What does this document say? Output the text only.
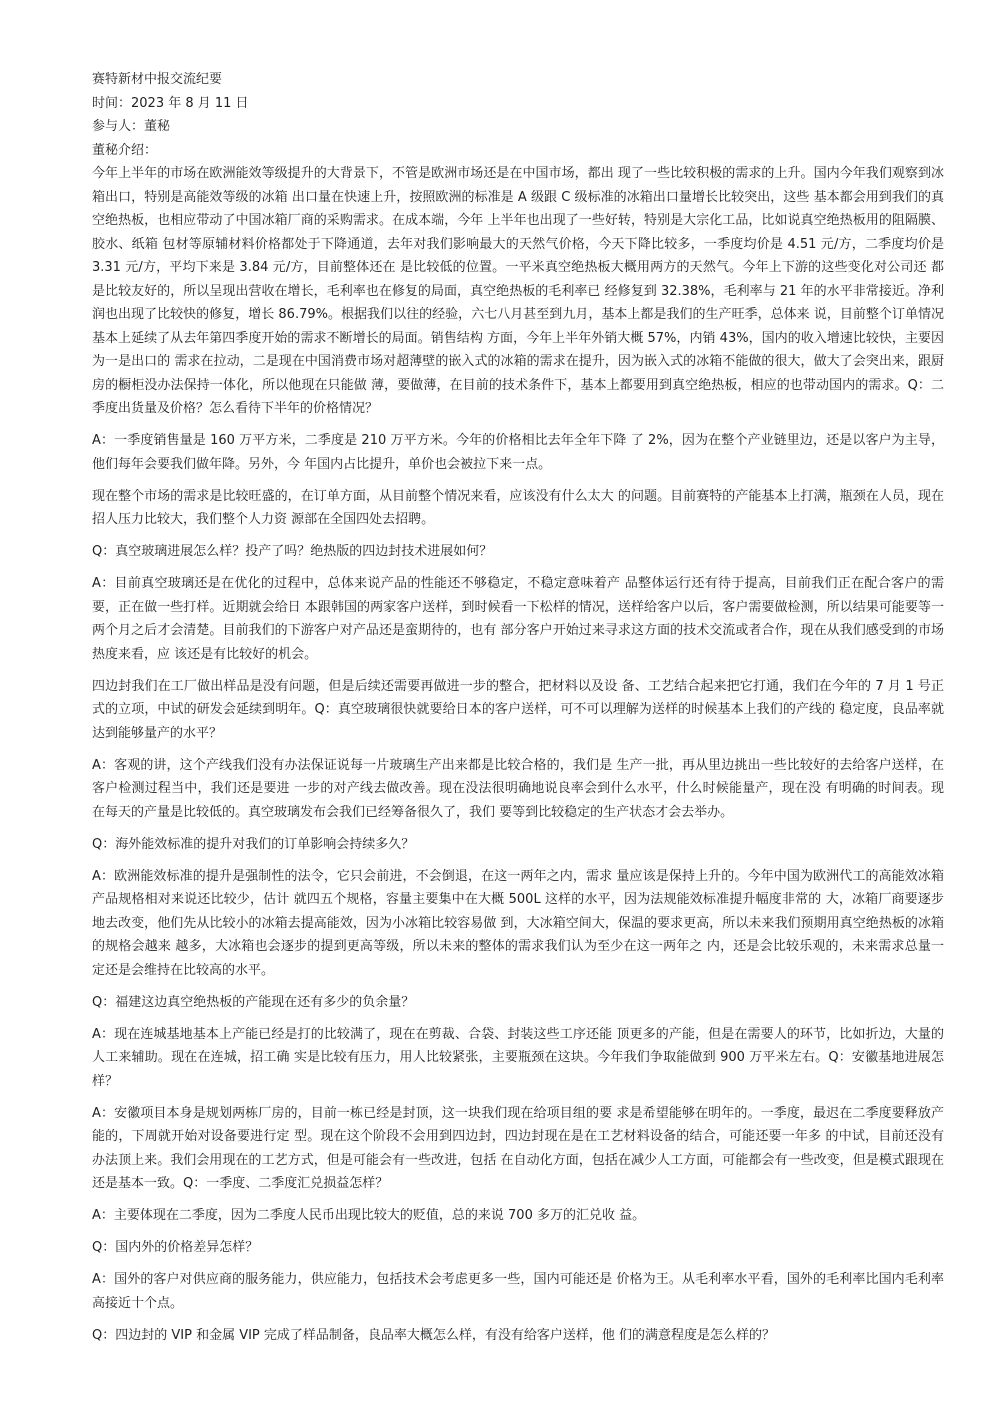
赛特新材中报交流纪要

时间：2023 年 8 月 11 日

参与人：董秘

董秘介绍：

今年上半年的市场在欧洲能效等级提升的大背景下，不管是欧洲市场还是在中国市场，都出 现了一些比较积极的需求的上升。国内今年我们观察到冰箱出口，特别是高能效等级的冰箱 出口量在快速上升，按照欧洲的标准是 A 级跟 C 级标准的冰箱出口量增长比较突出，这些 基本都会用到我们的真空绝热板，也相应带动了中国冰箱厂商的采购需求。在成本端，今年 上半年也出现了一些好转，特别是大宗化工品，比如说真空绝热板用的阻隔膜、胶水、纸箱 包材等原辅材料价格都处于下降通道，去年对我们影响最大的天然气价格，今天下降比较多，一季度均价是 4.51 元/方，二季度均价是 3.31 元/方，平均下来是 3.84 元/方，目前整体还在 是比较低的位置。一平米真空绝热板大概用两方的天然气。今年上下游的这些变化对公司还 都是比较友好的，所以呈现出营收在增长，毛利率也在修复的局面，真空绝热板的毛利率已 经修复到 32.38%，毛利率与 21 年的水平非常接近。净利润也出现了比较快的修复，增长 86.79%。根据我们以往的经验，六七八月甚至到九月，基本上都是我们的生产旺季，总体来 说，目前整个订单情况基本上延续了从去年第四季度开始的需求不断增长的局面。销售结构 方面，今年上半年外销大概 57%，内销 43%，国内的收入增速比较快，主要因为一是出口的 需求在拉动，二是现在中国消费市场对超薄壁的嵌入式的冰箱的需求在提升，因为嵌入式的冰箱不能做的很大，做大了会突出来，跟厨房的橱柜没办法保持一体化，所以他现在只能做 薄，要做薄，在目前的技术条件下，基本上都要用到真空绝热板，相应的也带动国内的需求。Q：二季度出货量及价格？怎么看待下半年的价格情况？

A：一季度销售量是 160 万平方米，二季度是 210 万平方米。今年的价格相比去年全年下降 了 2%，因为在整个产业链里边，还是以客户为主导，他们每年会要我们做年降。另外，今 年国内占比提升，单价也会被拉下来一点。

现在整个市场的需求是比较旺盛的，在订单方面，从目前整个情况来看，应该没有什么太大 的问题。目前赛特的产能基本上打满，瓶颈在人员，现在招人压力比较大，我们整个人力资 源部在全国四处去招聘。

Q：真空玻璃进展怎么样？投产了吗？绝热版的四边封技术进展如何？

A：目前真空玻璃还是在优化的过程中，总体来说产品的性能还不够稳定，不稳定意味着产 品整体运行还有待于提高，目前我们正在配合客户的需要，正在做一些打样。近期就会给日 本跟韩国的两家客户送样，到时候看一下松样的情况，送样给客户以后，客户需要做检测，所以结果可能要等一两个月之后才会清楚。目前我们的下游客户对产品还是蛮期待的，也有 部分客户开始过来寻求这方面的技术交流或者合作，现在从我们感受到的市场热度来看，应 该还是有比较好的机会。

四边封我们在工厂做出样品是没有问题，但是后续还需要再做进一步的整合，把材料以及设 备、工艺结合起来把它打通，我们在今年的 7 月 1 号正式的立项，中试的研发会延续到明年。Q：真空玻璃很快就要给日本的客户送样，可不可以理解为送样的时候基本上我们的产线的 稳定度，良品率就达到能够量产的水平？

A：客观的讲，这个产线我们没有办法保证说每一片玻璃生产出来都是比较合格的，我们是 生产一批，再从里边挑出一些比较好的去给客户送样，在客户检测过程当中，我们还是要进 一步的对产线去做改善。现在没法很明确地说良率会到什么水平，什么时候能量产，现在没 有明确的时间表。现在每天的产量是比较低的。真空玻璃发布会我们已经筹备很久了，我们 要等到比较稳定的生产状态才会去举办。

Q：海外能效标准的提升对我们的订单影响会持续多久？

A：欧洲能效标准的提升是强制性的法令，它只会前进，不会倒退，在这一两年之内，需求 量应该是保持上升的。今年中国为欧洲代工的高能效冰箱产品规格相对来说还比较少，估计 就四五个规格，容量主要集中在大概 500L 这样的水平，因为法规能效标准提升幅度非常的 大，冰箱厂商要逐步地去改变，他们先从比较小的冰箱去提高能效，因为小冰箱比较容易做 到，大冰箱空间大，保温的要求更高，所以未来我们预期用真空绝热板的冰箱的规格会越来 越多，大冰箱也会逐步的提到更高等级，所以未来的整体的需求我们认为至少在这一两年之 内，还是会比较乐观的，未来需求总量一定还是会维持在比较高的水平。

Q：福建这边真空绝热板的产能现在还有多少的负余量？

A：现在连城基地基本上产能已经是打的比较满了，现在在剪裁、合袋、封装这些工序还能 顶更多的产能，但是在需要人的环节，比如折边，大量的人工来辅助。现在在连城，招工确 实是比较有压力，用人比较紧张，主要瓶颈在这块。今年我们争取能做到 900 万平米左右。Q：安徽基地进展怎样？

A：安徽项目本身是规划两栋厂房的，目前一栋已经是封顶，这一块我们现在给项目组的要 求是希望能够在明年的。一季度，最迟在二季度要释放产能的，下周就开始对设备要进行定 型。现在这个阶段不会用到四边封，四边封现在是在工艺材料设备的结合，可能还要一年多 的中试，目前还没有办法顶上来。我们会用现在的工艺方式，但是可能会有一些改进，包括 在自动化方面，包括在减少人工方面，可能都会有一些改变，但是模式跟现在还是基本一致。Q：一季度、二季度汇兑损益怎样？

A：主要体现在二季度，因为二季度人民币出现比较大的贬值，总的来说 700 多万的汇兑收 益。

Q：国内外的价格差异怎样？

A：国外的客户对供应商的服务能力，供应能力，包括技术会考虑更多一些，国内可能还是 价格为王。从毛利率水平看，国外的毛利率比国内毛利率高接近十个点。

Q：四边封的 VIP 和金属 VIP 完成了样品制备，良品率大概怎么样，有没有给客户送样，他 们的满意程度是怎么样的？
